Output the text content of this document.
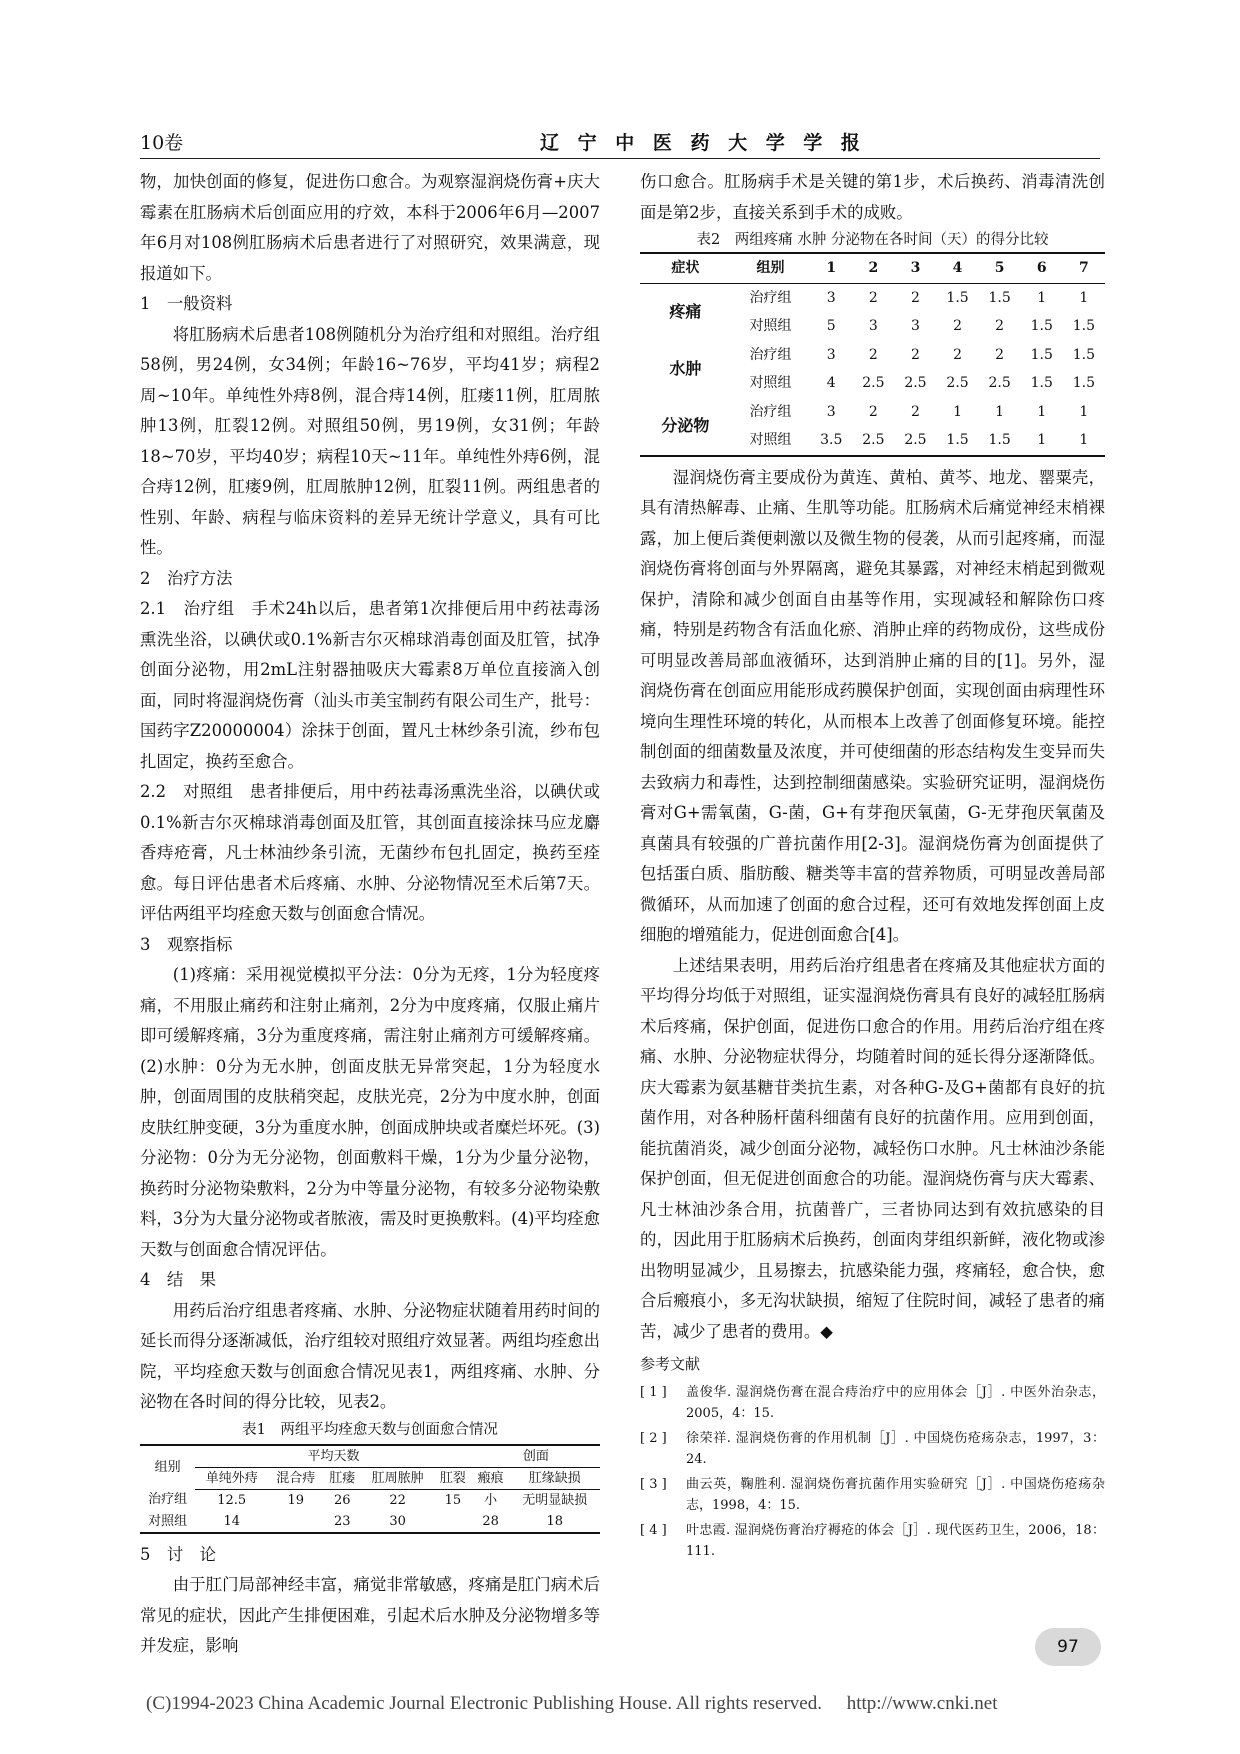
10卷	辽 宁 中 医 药 大 学 学 报

物，加快创面的修复，促进伤口愈合。为观察湿润烧伤膏+庆大霉素在肛肠病术后创面应用的疗效，本科于2006年6月—2007年6月对108例肛肠病术后患者进行了对照研究，效果满意，现报道如下。

1　一般资料

将肛肠病术后患者108例随机分为治疗组和对照组。治疗组58例，男24例，女34例；年龄16~76岁，平均41岁；病程2周~10年。单纯性外痔8例，混合痔14例，肛瘘11例，肛周脓肿13例，肛裂12例。对照组50例，男19例，女31例；年龄18~70岁，平均40岁；病程10天~11年。单纯性外痔6例，混合痔12例，肛瘘9例，肛周脓肿12例，肛裂11例。两组患者的性别、年龄、病程与临床资料的差异无统计学意义，具有可比性。

2　治疗方法

2.1　治疗组　手术24h以后，患者第1次排便后用中药祛毒汤熏洗坐浴，以碘伏或0.1%新吉尔灭棉球消毒创面及肛管，拭净创面分泌物，用2mL注射器抽吸庆大霉素8万单位直接滴入创面，同时将湿润烧伤膏（汕头市美宝制药有限公司生产，批号：国药字Z20000004）涂抹于创面，置凡士林纱条引流，纱布包扎固定，换药至愈合。

2.2　对照组　患者排便后，用中药祛毒汤熏洗坐浴，以碘伏或0.1%新吉尔灭棉球消毒创面及肛管，其创面直接涂抹马应龙麝香痔疮膏，凡士林油纱条引流，无菌纱布包扎固定，换药至痊愈。每日评估患者术后疼痛、水肿、分泌物情况至术后第7天。评估两组平均痊愈天数与创面愈合情况。

3　观察指标

(1)疼痛：采用视觉模拟平分法：0分为无疼，1分为轻度疼痛，不用服止痛药和注射止痛剂，2分为中度疼痛，仅服止痛片即可缓解疼痛，3分为重度疼痛，需注射止痛剂方可缓解疼痛。(2)水肿：0分为无水肿，创面皮肤无异常突起，1分为轻度水肿，创面周围的皮肤稍突起，皮肤光亮，2分为中度水肿，创面皮肤红肿变硬，3分为重度水肿，创面成肿块或者糜烂坏死。(3)分泌物：0分为无分泌物，创面敷料干燥，1分为少量分泌物，换药时分泌物染敷料，2分为中等量分泌物，有较多分泌物染敷料，3分为大量分泌物或者脓液，需及时更换敷料。(4)平均痊愈天数与创面愈合情况评估。

4　结　果

用药后治疗组患者疼痛、水肿、分泌物症状随着用药时间的延长而得分逐渐减低，治疗组较对照组疗效显著。两组均痊愈出院，平均痊愈天数与创面愈合情况见表1，两组疼痛、水肿、分泌物在各时间的得分比较，见表2。

表1　两组平均痊愈天数与创面愈合情况

组别	平均天数					创面	
	单纯外痔	混合痔	肛瘘	肛周脓肿	肛裂	瘢痕	肛缘缺损
治疗组	12.5	19	26	22	15	小	无明显缺损
对照组	14		23	30		28	18

5　讨　论

由于肛门局部神经丰富，痛觉非常敏感，疼痛是肛门病术后常见的症状，因此产生排便困难，引起术后水肿及分泌物增多等并发症，影响

伤口愈合。肛肠病手术是关键的第1步，术后换药、消毒清洗创面是第2步，直接关系到手术的成败。

表2　两组疼痛 水肿 分泌物在各时间（天）的得分比较

症状	组别	1	2	3	4	5	6	7
疼痛	治疗组	3	2	2	1.5	1.5	1	1
	对照组	5	3	3	2	2	1.5	1.5
水肿	治疗组	3	2	2	2	2	1.5	1.5
	对照组	4	2.5	2.5	2.5	2.5	1.5	1.5
分泌物	治疗组	3	2	2	1	1	1	1
	对照组	3.5	2.5	2.5	1.5	1.5	1	1

湿润烧伤膏主要成份为黄连、黄柏、黄芩、地龙、罂粟壳，具有清热解毒、止痛、生肌等功能。肛肠病术后痛觉神经末梢裸露，加上便后粪便刺激以及微生物的侵袭，从而引起疼痛，而湿润烧伤膏将创面与外界隔离，避免其暴露，对神经末梢起到微观保护，清除和减少创面自由基等作用，实现减轻和解除伤口疼痛，特别是药物含有活血化瘀、消肿止痒的药物成份，这些成份可明显改善局部血液循环，达到消肿止痛的目的[1]。另外，湿润烧伤膏在创面应用能形成药膜保护创面，实现创面由病理性环境向生理性环境的转化，从而根本上改善了创面修复环境。能控制创面的细菌数量及浓度，并可使细菌的形态结构发生变异而失去致病力和毒性，达到控制细菌感染。实验研究证明，湿润烧伤膏对G+需氧菌，G-菌，G+有芽孢厌氧菌，G-无芽孢厌氧菌及真菌具有较强的广普抗菌作用[2-3]。湿润烧伤膏为创面提供了包括蛋白质、脂肪酸、糖类等丰富的营养物质，可明显改善局部微循环，从而加速了创面的愈合过程，还可有效地发挥创面上皮细胞的增殖能力，促进创面愈合[4]。

上述结果表明，用药后治疗组患者在疼痛及其他症状方面的平均得分均低于对照组，证实湿润烧伤膏具有良好的减轻肛肠病术后疼痛，保护创面，促进伤口愈合的作用。用药后治疗组在疼痛、水肿、分泌物症状得分，均随着时间的延长得分逐渐降低。庆大霉素为氨基糖苷类抗生素，对各种G-及G+菌都有良好的抗菌作用，对各种肠杆菌科细菌有良好的抗菌作用。应用到创面，能抗菌消炎，减少创面分泌物，减轻伤口水肿。凡士林油沙条能保护创面，但无促进创面愈合的功能。湿润烧伤膏与庆大霉素、凡士林油沙条合用，抗菌普广，三者协同达到有效抗感染的目的，因此用于肛肠病术后换药，创面肉芽组织新鲜，液化物或渗出物明显减少，且易擦去，抗感染能力强，疼痛轻，愈合快，愈合后瘢痕小，多无沟状缺损，缩短了住院时间，减轻了患者的痛苦，减少了患者的费用。◆

参考文献
[ 1 ] 盖俊华. 湿润烧伤膏在混合痔治疗中的应用体会［J］. 中医外治杂志，2005，4：15.
[ 2 ] 徐荣祥. 湿润烧伤膏的作用机制［J］. 中国烧伤疮疡杂志，1997，3：24.
[ 3 ] 曲云英，鞠胜利. 湿润烧伤膏抗菌作用实验研究［J］. 中国烧伤疮疡杂志，1998，4：15.
[ 4 ] 叶忠霞. 湿润烧伤膏治疗褥疮的体会［J］. 现代医药卫生，2006，18：111.
97
(C)1994-2023 China Academic Journal Electronic Publishing House. All rights reserved. http://www.cnki.net
